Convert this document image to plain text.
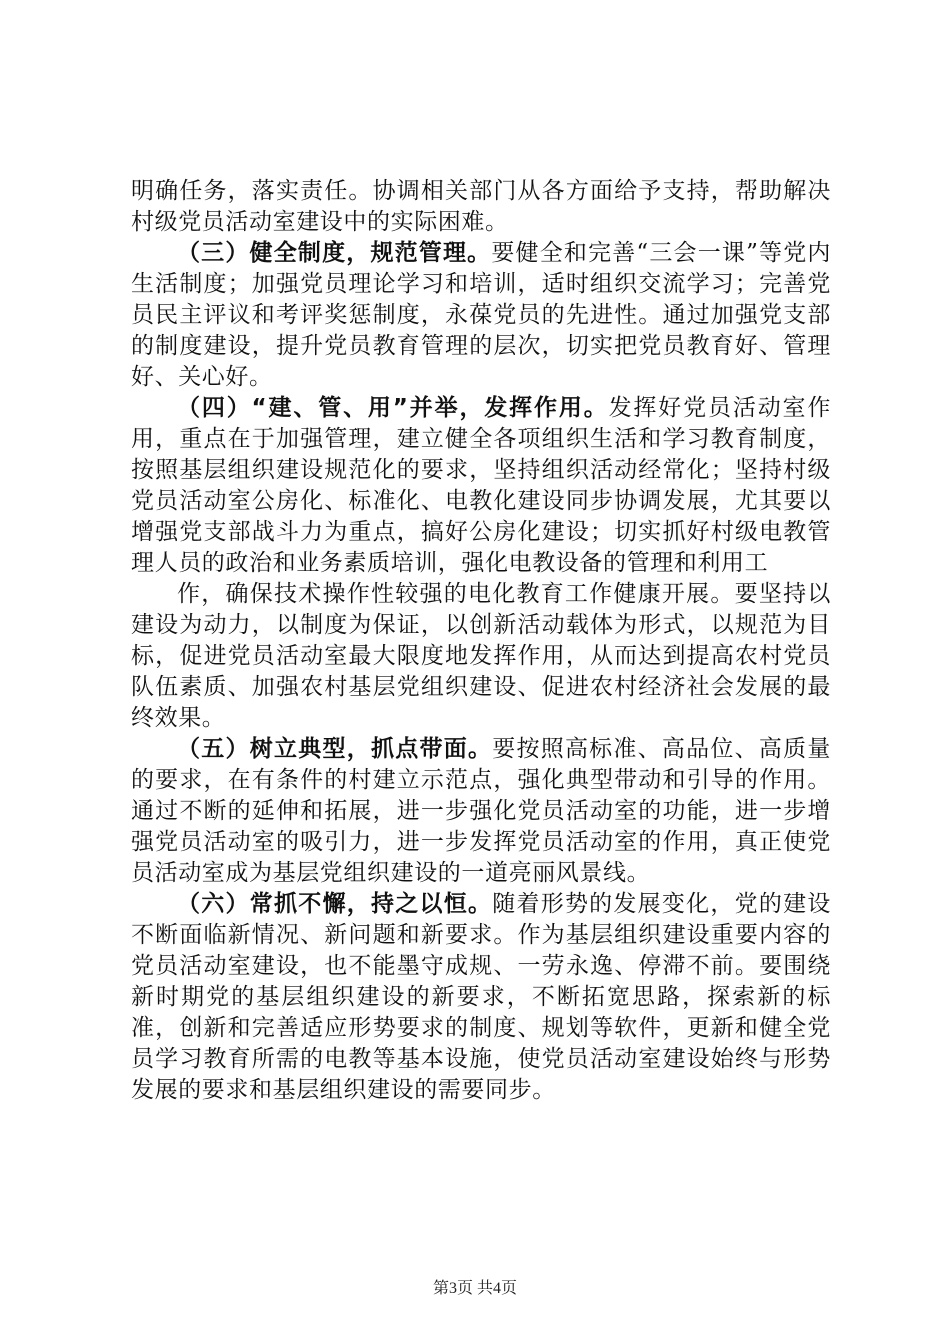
明确任务，落实责任。协调相关部门从各方面给予支持，帮助解决村级党员活动室建设中的实际困难。

（三）健全制度，规范管理。要健全和完善“三会一课”等党内生活制度；加强党员理论学习和培训，适时组织交流学习；完善党员民主评议和考评奖惩制度，永葆党员的先进性。通过加强党支部的制度建设，提升党员教育管理的层次，切实把党员教育好、管理好、关心好。

（四）“建、管、用”并举，发挥作用。发挥好党员活动室作用，重点在于加强管理，建立健全各项组织生活和学习教育制度，按照基层组织建设规范化的要求，坚持组织活动经常化；坚持村级党员活动室公房化、标准化、电教化建设同步协调发展，尤其要以增强党支部战斗力为重点，搞好公房化建设；切实抓好村级电教管理人员的政治和业务素质培训，强化电教设备的管理和利用工

作，确保技术操作性较强的电化教育工作健康开展。要坚持以建设为动力，以制度为保证，以创新活动载体为形式，以规范为目标，促进党员活动室最大限度地发挥作用，从而达到提高农村党员队伍素质、加强农村基层党组织建设、促进农村经济社会发展的最终效果。

（五）树立典型，抓点带面。要按照高标准、高品位、高质量的要求，在有条件的村建立示范点，强化典型带动和引导的作用。通过不断的延伸和拓展，进一步强化党员活动室的功能，进一步增强党员活动室的吸引力，进一步发挥党员活动室的作用，真正使党员活动室成为基层党组织建设的一道亮丽风景线。

（六）常抓不懈，持之以恒。随着形势的发展变化，党的建设不断面临新情况、新问题和新要求。作为基层组织建设重要内容的党员活动室建设，也不能墨守成规、一劳永逸、停滞不前。要围绕新时期党的基层组织建设的新要求，不断拓宽思路，探索新的标准，创新和完善适应形势要求的制度、规划等软件，更新和健全党员学习教育所需的电教等基本设施，使党员活动室建设始终与形势发展的要求和基层组织建设的需要同步。

第3页 共4页
